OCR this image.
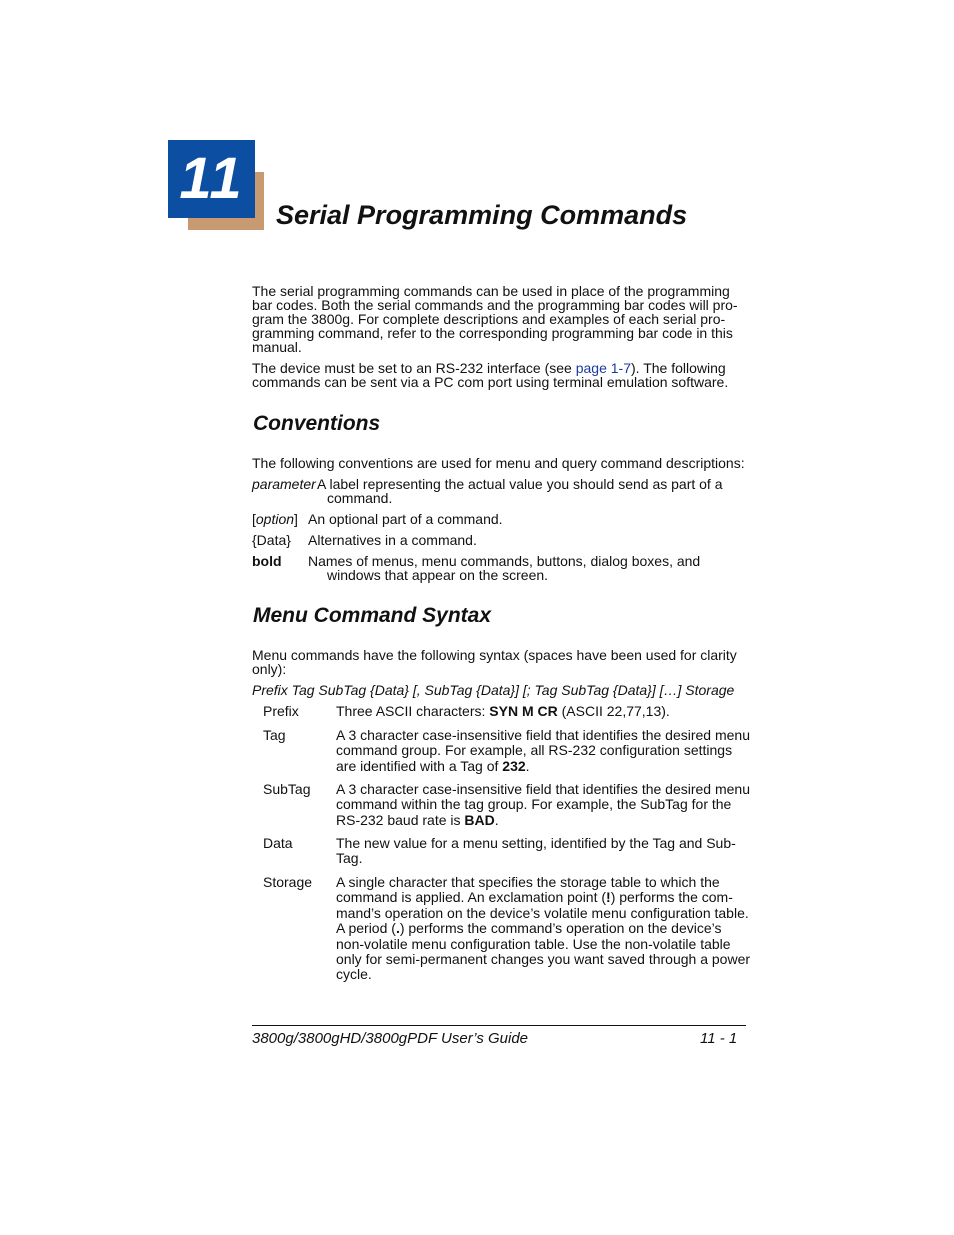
11
Serial Programming Commands
The serial programming commands can be used in place of the programming
bar codes. Both the serial commands and the programming bar codes will pro-
gram the 3800g. For complete descriptions and examples of each serial pro-
gramming command, refer to the corresponding programming bar code in this
manual.
The device must be set to an RS-232 interface (see page 1-7). The following
commands can be sent via a PC com port using terminal emulation software.
Conventions
The following conventions are used for menu and query command descriptions:
parameter A label representing the actual value you should send as part of a
command.
[option] An optional part of a command.
{Data} Alternatives in a command.
bold Names of menus, menu commands, buttons, dialog boxes, and
windows that appear on the screen.
Menu Command Syntax
Menu commands have the following syntax (spaces have been used for clarity
only):
Prefix Tag SubTag {Data} [, SubTag {Data}] [; Tag SubTag {Data}] […] Storage
Prefix	Three ASCII characters: SYN M CR (ASCII 22,77,13).
Tag	A 3 character case-insensitive field that identifies the desired menu
command group. For example, all RS-232 configuration settings
are identified with a Tag of 232.
SubTag A 3 character case-insensitive field that identifies the desired menu
command within the tag group. For example, the SubTag for the
RS-232 baud rate is BAD.
Data	The new value for a menu setting, identified by the Tag and Sub-
Tag.
Storage A single character that specifies the storage table to which the
command is applied. An exclamation point (!) performs the com-
mand’s operation on the device’s volatile menu configuration table.
A period (.) performs the command’s operation on the device’s
non-volatile menu configuration table. Use the non-volatile table
only for semi-permanent changes you want saved through a power
cycle.
3800g/3800gHD/3800gPDF User’s Guide	11 - 1
